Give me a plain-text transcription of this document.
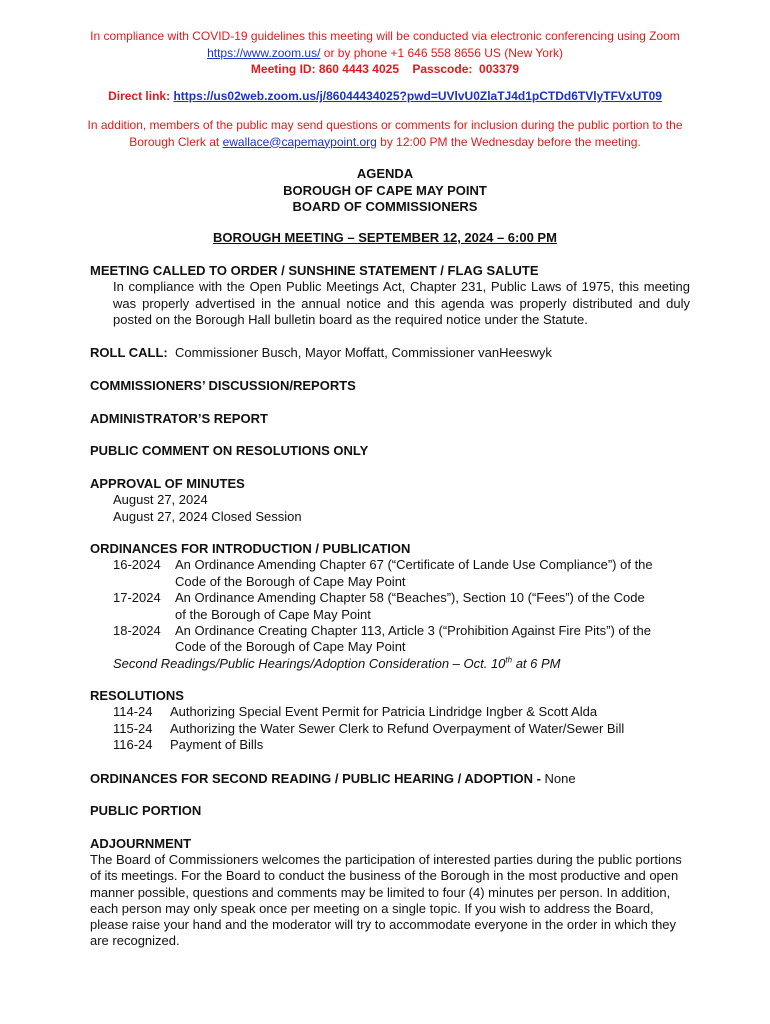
In compliance with COVID-19 guidelines this meeting will be conducted via electronic conferencing using Zoom
https://www.zoom.us/ or by phone +1 646 558 8656 US (New York)
Meeting ID: 860 4443 4025    Passcode:  003379
Direct link: https://us02web.zoom.us/j/86044434025?pwd=UVlvU0ZlaTJ4d1pCTDd6TVlyTFVxUT09
In addition, members of the public may send questions or comments for inclusion during the public portion to the
Borough Clerk at ewallace@capemaypoint.org by 12:00 PM the Wednesday before the meeting.
AGENDA
BOROUGH OF CAPE MAY POINT
BOARD OF COMMISSIONERS
BOROUGH MEETING – SEPTEMBER 12, 2024 – 6:00 PM
MEETING CALLED TO ORDER / SUNSHINE STATEMENT / FLAG SALUTE
In compliance with the Open Public Meetings Act, Chapter 231, Public Laws of 1975, this meeting was properly advertised in the annual notice and this agenda was properly distributed and duly posted on the Borough Hall bulletin board as the required notice under the Statute.
ROLL CALL:  Commissioner Busch, Mayor Moffatt, Commissioner vanHeeswyk
COMMISSIONERS’ DISCUSSION/REPORTS
ADMINISTRATOR’S REPORT
PUBLIC COMMENT ON RESOLUTIONS ONLY
APPROVAL OF MINUTES
August 27, 2024
August 27, 2024 Closed Session
ORDINANCES FOR INTRODUCTION / PUBLICATION
16-2024	An Ordinance Amending Chapter 67 (“Certificate of Lande Use Compliance”) of the
Code of the Borough of Cape May Point
17-2024	An Ordinance Amending Chapter 58 (“Beaches”), Section 10 (“Fees”) of the Code
of the Borough of Cape May Point
18-2024	An Ordinance Creating Chapter 113, Article 3 (“Prohibition Against Fire Pits”) of the
Code of the Borough of Cape May Point
Second Readings/Public Hearings/Adoption Consideration – Oct. 10th at 6 PM
RESOLUTIONS
114-24	Authorizing Special Event Permit for Patricia Lindridge Ingber & Scott Alda
115-24	Authorizing the Water Sewer Clerk to Refund Overpayment of Water/Sewer Bill
116-24	Payment of Bills
ORDINANCES FOR SECOND READING / PUBLIC HEARING / ADOPTION - None
PUBLIC PORTION
ADJOURNMENT
The Board of Commissioners welcomes the participation of interested parties during the public portions of its meetings. For the Board to conduct the business of the Borough in the most productive and open manner possible, questions and comments may be limited to four (4) minutes per person. In addition, each person may only speak once per meeting on a single topic. If you wish to address the Board, please raise your hand and the moderator will try to accommodate everyone in the order in which they are recognized.
